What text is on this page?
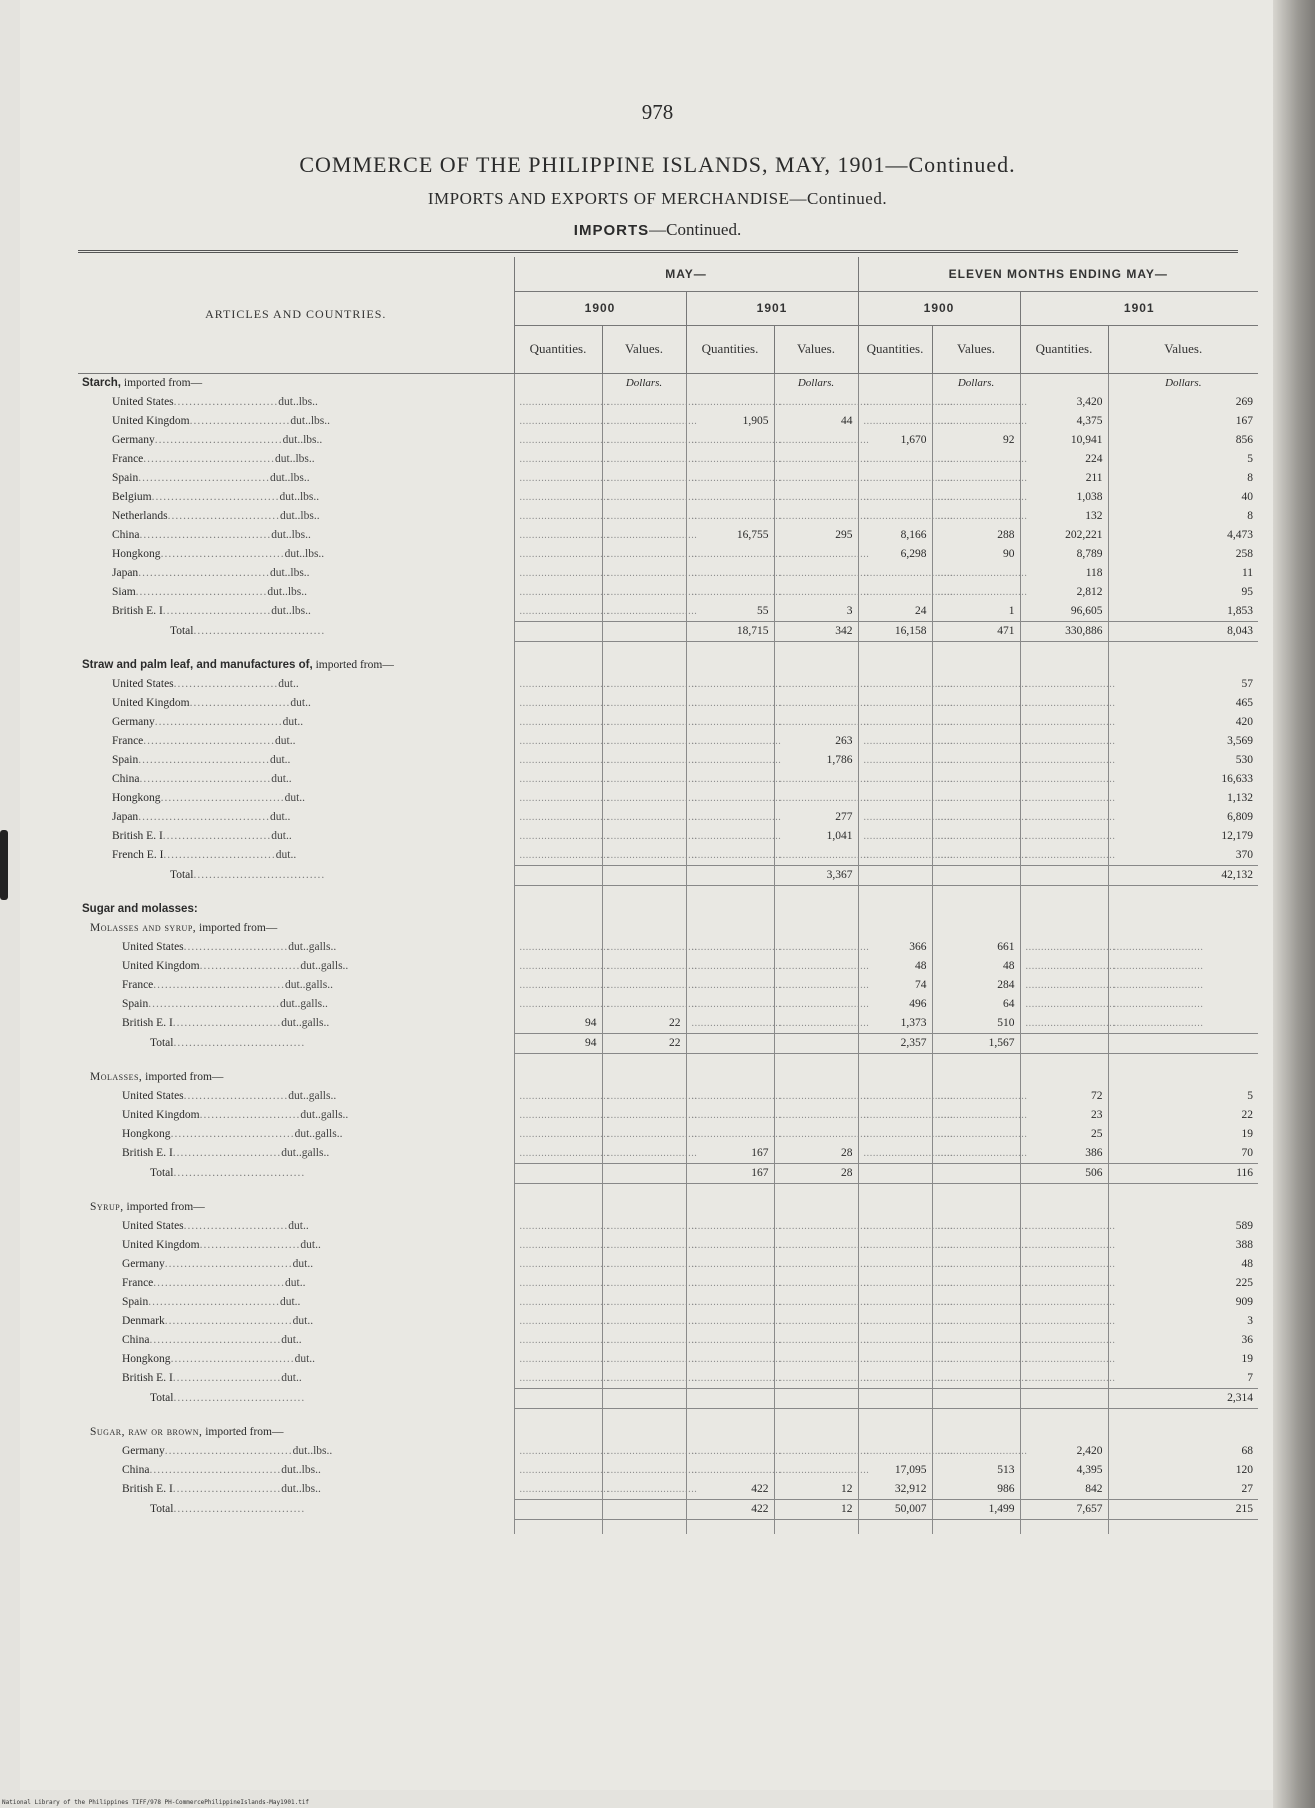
978
COMMERCE OF THE PHILIPPINE ISLANDS, MAY, 1901—Continued.
IMPORTS AND EXPORTS OF MERCHANDISE—Continued.
IMPORTS—Continued.
ARTICLES AND COUNTRIES.	MAY—				ELEVEN MONTHS ENDING MAY—			
	1900		1901		1900		1901	
	Quantities.	Values.	Quantities.	Values.	Quantities.	Values.	Quantities.	Values.
Starch, imported from—		Dollars.		Dollars.		Dollars.		Dollars.
United States...........................dut..lbs..	.............................	.............................	.............................	.............................	.............................	.............................	3,420	269
United Kingdom..........................dut..lbs..	.............................	.............................	1,905	44	.............................	.............................	4,375	167
Germany.................................dut..lbs..	.............................	.............................	.............................	.............................	1,670	92	10,941	856
France..................................dut..lbs..	.............................	.............................	.............................	.............................	.............................	.............................	224	5
Spain..................................dut..lbs..	.............................	.............................	.............................	.............................	.............................	.............................	211	8
Belgium.................................dut..lbs..	.............................	.............................	.............................	.............................	.............................	.............................	1,038	40
Netherlands.............................dut..lbs..	.............................	.............................	.............................	.............................	.............................	.............................	132	8
China..................................dut..lbs..	.............................	.............................	16,755	295	8,166	288	202,221	4,473
Hongkong................................dut..lbs..	.............................	.............................	.............................	.............................	6,298	90	8,789	258
Japan..................................dut..lbs..	.............................	.............................	.............................	.............................	.............................	.............................	118	11
Siam..................................dut..lbs..	.............................	.............................	.............................	.............................	.............................	.............................	2,812	95
British E. I............................dut..lbs..	.............................	.............................	55	3	24	1	96,605	1,853
Total..................................			18,715	342	16,158	471	330,886	8,043

Straw and palm leaf, and manufactures of, imported from—								
United States...........................dut..	.............................	.............................	.............................	.............................	.............................	.............................	.............................	57
United Kingdom..........................dut..	.............................	.............................	.............................	.............................	.............................	.............................	.............................	465
Germany.................................dut..	.............................	.............................	.............................	.............................	.............................	.............................	.............................	420
France..................................dut..	.............................	.............................	.............................	263	.............................	.............................	.............................	3,569
Spain..................................dut..	.............................	.............................	.............................	1,786	.............................	.............................	.............................	530
China..................................dut..	.............................	.............................	.............................	.............................	.............................	.............................	.............................	16,633
Hongkong................................dut..	.............................	.............................	.............................	.............................	.............................	.............................	.............................	1,132
Japan..................................dut..	.............................	.............................	.............................	277	.............................	.............................	.............................	6,809
British E. I............................dut..	.............................	.............................	.............................	1,041	.............................	.............................	.............................	12,179
French E. I.............................dut..	.............................	.............................	.............................	.............................	.............................	.............................	.............................	370
Total..................................				3,367				42,132

Sugar and molasses:								
Molasses and syrup, imported from—								
United States...........................dut..galls..	.............................	.............................	.............................	.............................	366	661	.............................	.............................
United Kingdom..........................dut..galls..	.............................	.............................	.............................	.............................	48	48	.............................	.............................
France..................................dut..galls..	.............................	.............................	.............................	.............................	74	284	.............................	.............................
Spain..................................dut..galls..	.............................	.............................	.............................	.............................	496	64	.............................	.............................
British E. I............................dut..galls..	94	22	.............................	.............................	1,373	510	.............................	.............................
Total..................................	94	22			2,357	1,567		

Molasses, imported from—								
United States...........................dut..galls..	.............................	.............................	.............................	.............................	.............................	.............................	72	5
United Kingdom..........................dut..galls..	.............................	.............................	.............................	.............................	.............................	.............................	23	22
Hongkong................................dut..galls..	.............................	.............................	.............................	.............................	.............................	.............................	25	19
British E. I............................dut..galls..	.............................	.............................	167	28	.............................	.............................	386	70
Total..................................			167	28			506	116

Syrup, imported from—								
United States...........................dut..	.............................	.............................	.............................	.............................	.............................	.............................	.............................	589
United Kingdom..........................dut..	.............................	.............................	.............................	.............................	.............................	.............................	.............................	388
Germany.................................dut..	.............................	.............................	.............................	.............................	.............................	.............................	.............................	48
France..................................dut..	.............................	.............................	.............................	.............................	.............................	.............................	.............................	225
Spain..................................dut..	.............................	.............................	.............................	.............................	.............................	.............................	.............................	909
Denmark.................................dut..	.............................	.............................	.............................	.............................	.............................	.............................	.............................	3
China..................................dut..	.............................	.............................	.............................	.............................	.............................	.............................	.............................	36
Hongkong................................dut..	.............................	.............................	.............................	.............................	.............................	.............................	.............................	19
British E. I............................dut..	.............................	.............................	.............................	.............................	.............................	.............................	.............................	7
Total..................................								2,314

Sugar, raw or brown, imported from—								
Germany.................................dut..lbs..	.............................	.............................	.............................	.............................	.............................	.............................	2,420	68
China..................................dut..lbs..	.............................	.............................	.............................	.............................	17,095	513	4,395	120
British E. I............................dut..lbs..	.............................	.............................	422	12	32,912	986	842	27
Total..................................			422	12	50,007	1,499	7,657	215

National Library of the Philippines TIFF/978 PH-CommercePhilippineIslands-May1901.tif
